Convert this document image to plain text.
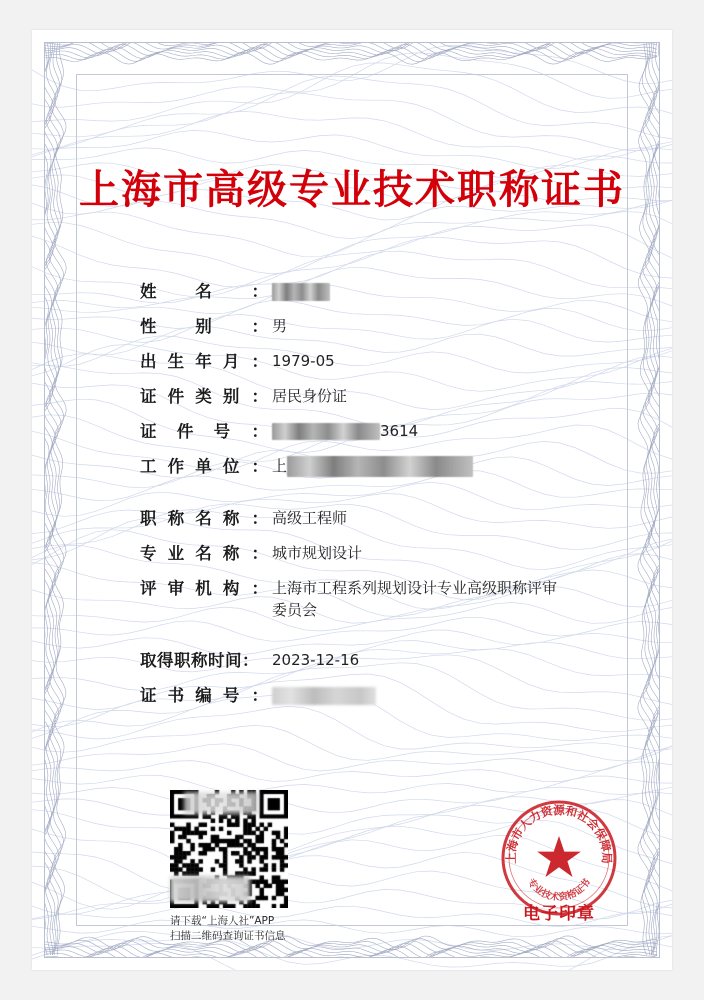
上海市高级专业技术职称证书
姓 名 ：
性 别 ： 男
出 生 年 月 ： 1979-05
证 件 类 别 ： 居民身份证
证 件 号 ：	3614
工 作 单 位 ： 上
职 称 名 称 ： 高级工程师
专 业 名 称 ： 城市规划设计
评 审 机 构 ： 上海市工程系列规划设计专业高级职称评审
委员会
取得职称时间： 2023-12-16
证 书 编 号 ：
请下载“上海人社”APP
扫描二维码查询证书信息
上海市人力资源和社会保障局
专业技术资格证书
电子印章
